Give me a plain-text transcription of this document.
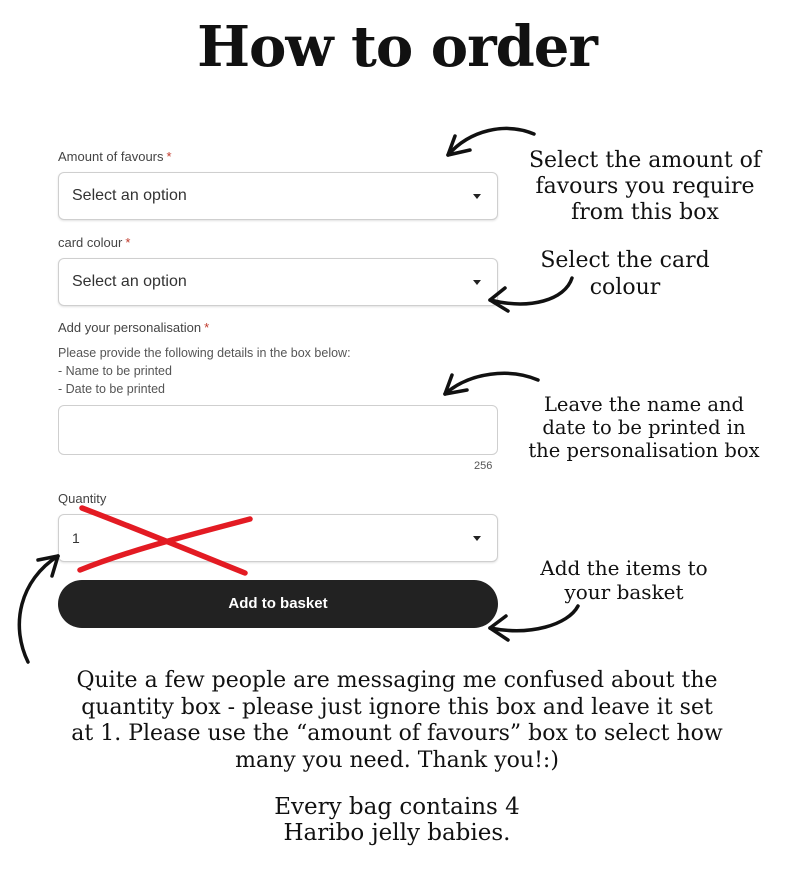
How to order
Amount of favours *
Select an option
card colour *
Select an option
Add your personalisation *
Please provide the following details in the box below:
- Name to be printed
- Date to be printed
256
Quantity
1
Add to basket
Select the amount of
favours you require
from this box
Select the card
colour
Leave the name and
date to be printed in
the personalisation box
Add the items to
your basket
Quite a few people are messaging me confused about the
quantity box - please just ignore this box and leave it set
at 1. Please use the “amount of favours” box to select how
many you need. Thank you!:)
Every bag contains 4
Haribo jelly babies.
